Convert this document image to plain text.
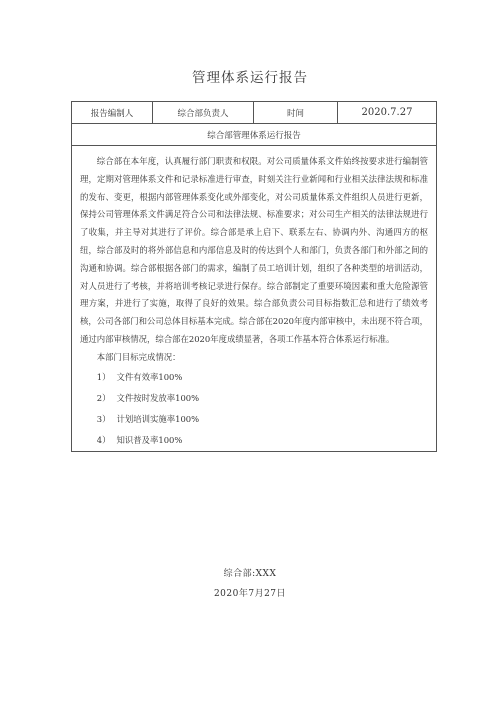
管理体系运行报告
报告编制人	综合部负责人	时间	2020.7.27
综合部管理体系运行报告

综合部在本年度，认真履行部门职责和权限。对公司质量体系文件始终按要求进行编制管理，定期对管理体系文件和记录标准进行审查，时刻关注行业新闻和行业相关法律法规和标准的发布、变更，根据内部管理体系变化或外部变化，对公司质量体系文件组织人员进行更新，保持公司管理体系文件满足符合公司和法律法规、标准要求；对公司生产相关的法律法规进行了收集，并主导对其进行了评价。综合部是承上启下、联系左右、协调内外、沟通四方的枢纽，综合部及时的将外部信息和内部信息及时的传达到个人和部门，负责各部门和外部之间的沟通和协调。综合部根据各部门的需求，编制了员工培训计划，组织了各种类型的培训活动，对人员进行了考核，并将培训考核记录进行保存。综合部制定了重要环境因素和重大危险源管理方案，并进行了实施，取得了良好的效果。综合部负责公司目标指数汇总和进行了绩效考核，公司各部门和公司总体目标基本完成。综合部在2020年度内部审核中，未出现不符合项，通过内部审核情况，综合部在2020年度成绩显著，各项工作基本符合体系运行标准。

本部门目标完成情况：

1） 文件有效率100%
2） 文件按时发放率100%
3） 计划培训实施率100%
4） 知识普及率100%
综合部:XXX
2020年7月27日
